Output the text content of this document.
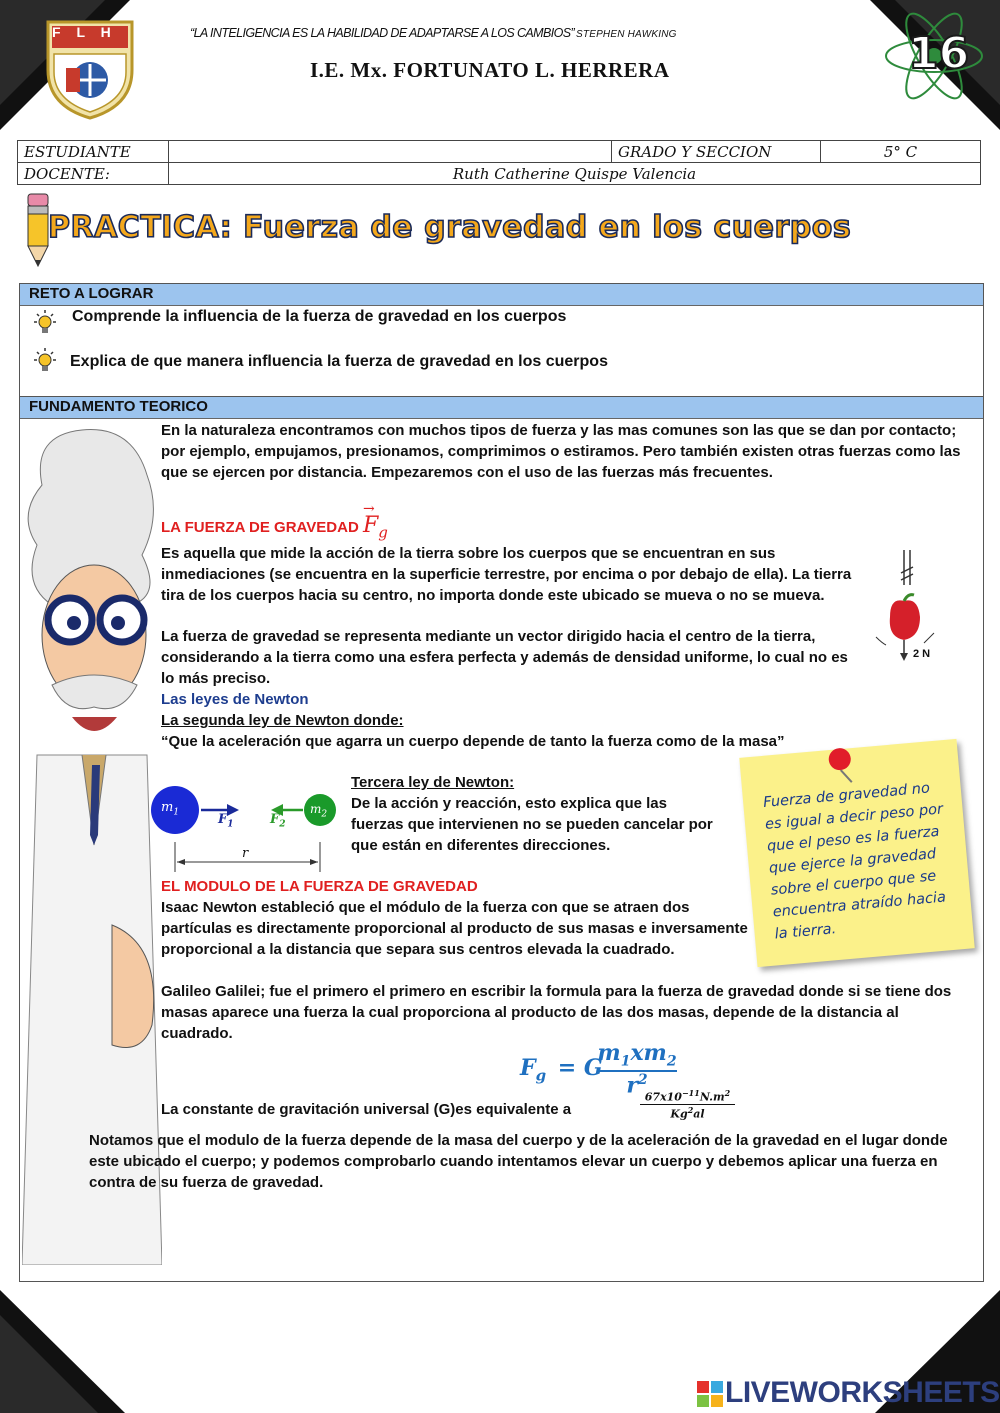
F L H	16
“LA INTELIGENCIA ES LA HABILIDAD DE ADAPTARSE A LOS CAMBIOS” STEPHEN HAWKING
I.E. Mx. FORTUNATO L. HERRERA
ESTUDIANTE		GRADO Y SECCION	5° C
DOCENTE:	Ruth Catherine Quispe Valencia		
PRACTICA: Fuerza de gravedad en los cuerpos
RETO A LOGRAR
Comprende la influencia de la fuerza de gravedad en los cuerpos
Explica de que manera influencia la fuerza de gravedad en los cuerpos
FUNDAMENTO TEORICO
En la naturaleza encontramos con muchos tipos de fuerza y las mas comunes son las que se dan por contacto; por ejemplo, empujamos, presionamos, comprimimos o estiramos. Pero también existen otras fuerzas como las que se ejercen por distancia. Empezaremos con el uso de las fuerzas más frecuentes.
LA FUERZA DE GRAVEDAD
→
$F_g$
Es aquella que mide la acción de la tierra sobre los cuerpos que se encuentran en sus inmediaciones (se encuentra en la superficie terrestre, por encima o por debajo de ella). La tierra tira de los cuerpos hacia su centro, no importa donde este ubicado se mueva o no se mueva.
La fuerza de gravedad se representa mediante un vector dirigido hacia el centro de la tierra, considerando a la tierra como una esfera perfecta y además de densidad uniforme, lo cual no es lo más preciso.
2 N
Las leyes de Newton
La segunda ley de Newton donde:
“Que la aceleración que agarra un cuerpo depende de tanto la fuerza como de la masa”
$m_1$	$m_2$
$F_1$	$F_2$
r
Tercera ley de Newton:
De la acción y reacción, esto explica que las fuerzas que intervienen no se pueden cancelar por que están en diferentes direcciones.
Fuerza de gravedad no es igual a decir peso por que el peso es la fuerza que ejerce la gravedad sobre el cuerpo que se encuentra atraído hacia la tierra.
EL MODULO DE LA FUERZA DE GRAVEDAD
Isaac Newton estableció que el módulo de la fuerza con que se atraen dos partículas es directamente proporcional al producto de sus masas e inversamente proporcional a la distancia que separa sus centros elevada la cuadrado.
Galileo Galilei; fue el primero el primero en escribir la formula para la fuerza de gravedad donde si se tiene dos masas aparece una fuerza la cual proporciona al producto de las dos masas, depende de la distancia al cuadrado.
$F_g = G$
$\frac{m_1xm_2}{r^2}$
La constante de gravitación universal (G)es equivalente a	$\frac{67x10^{-11}N.m^2}{Kg^2al}$
Notamos que el modulo de la fuerza depende de la masa del cuerpo y de la aceleración de la gravedad en el lugar donde este ubicado el cuerpo; y podemos comprobarlo cuando intentamos elevar un cuerpo y debemos aplicar una fuerza en contra de su fuerza de gravedad.
LIVEWORKSHEETS
